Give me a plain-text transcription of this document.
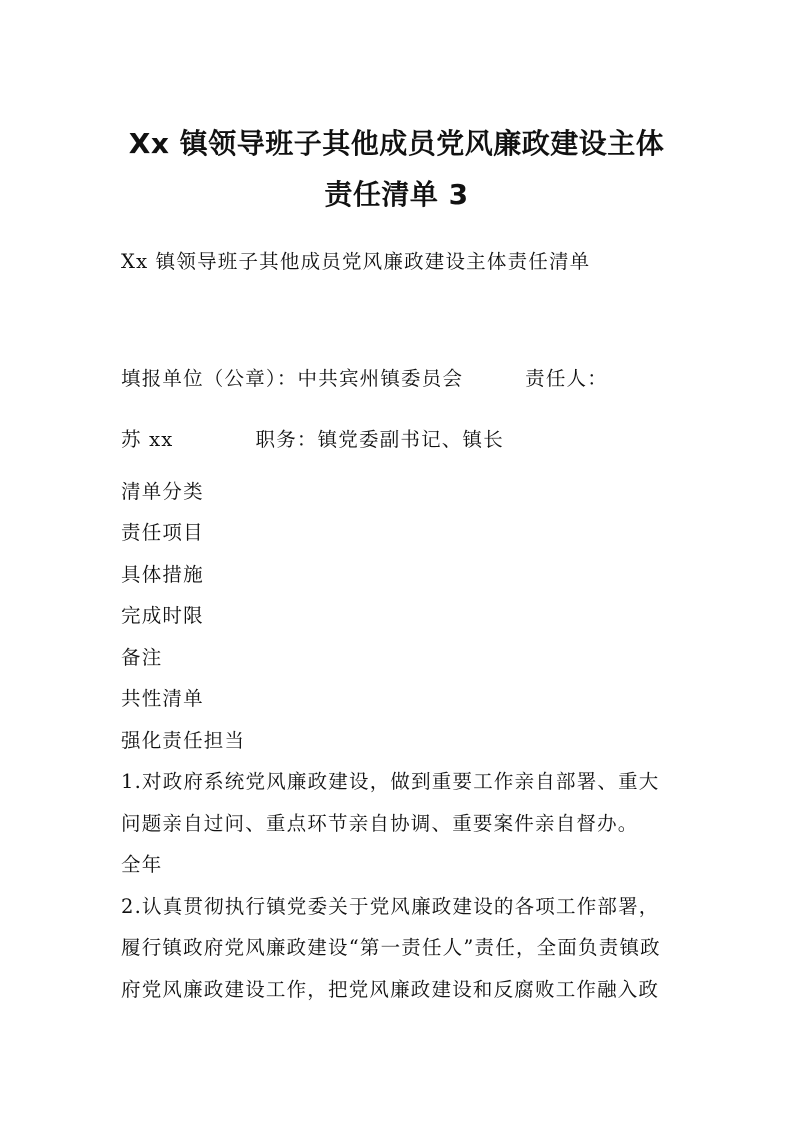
Xx 镇领导班子其他成员党风廉政建设主体
责任清单 3
Xx 镇领导班子其他成员党风廉政建设主体责任清单
填报单位（公章）：中共宾州镇委员会	责任人：
苏 xx	职务：镇党委副书记、镇长
清单分类
责任项目
具体措施
完成时限
备注
共性清单
强化责任担当
1.对政府系统党风廉政建设，做到重要工作亲自部署、重大
问题亲自过问、重点环节亲自协调、重要案件亲自督办。
全年
2.认真贯彻执行镇党委关于党风廉政建设的各项工作部署，
履行镇政府党风廉政建设“第一责任人”责任，全面负责镇政
府党风廉政建设工作，把党风廉政建设和反腐败工作融入政
